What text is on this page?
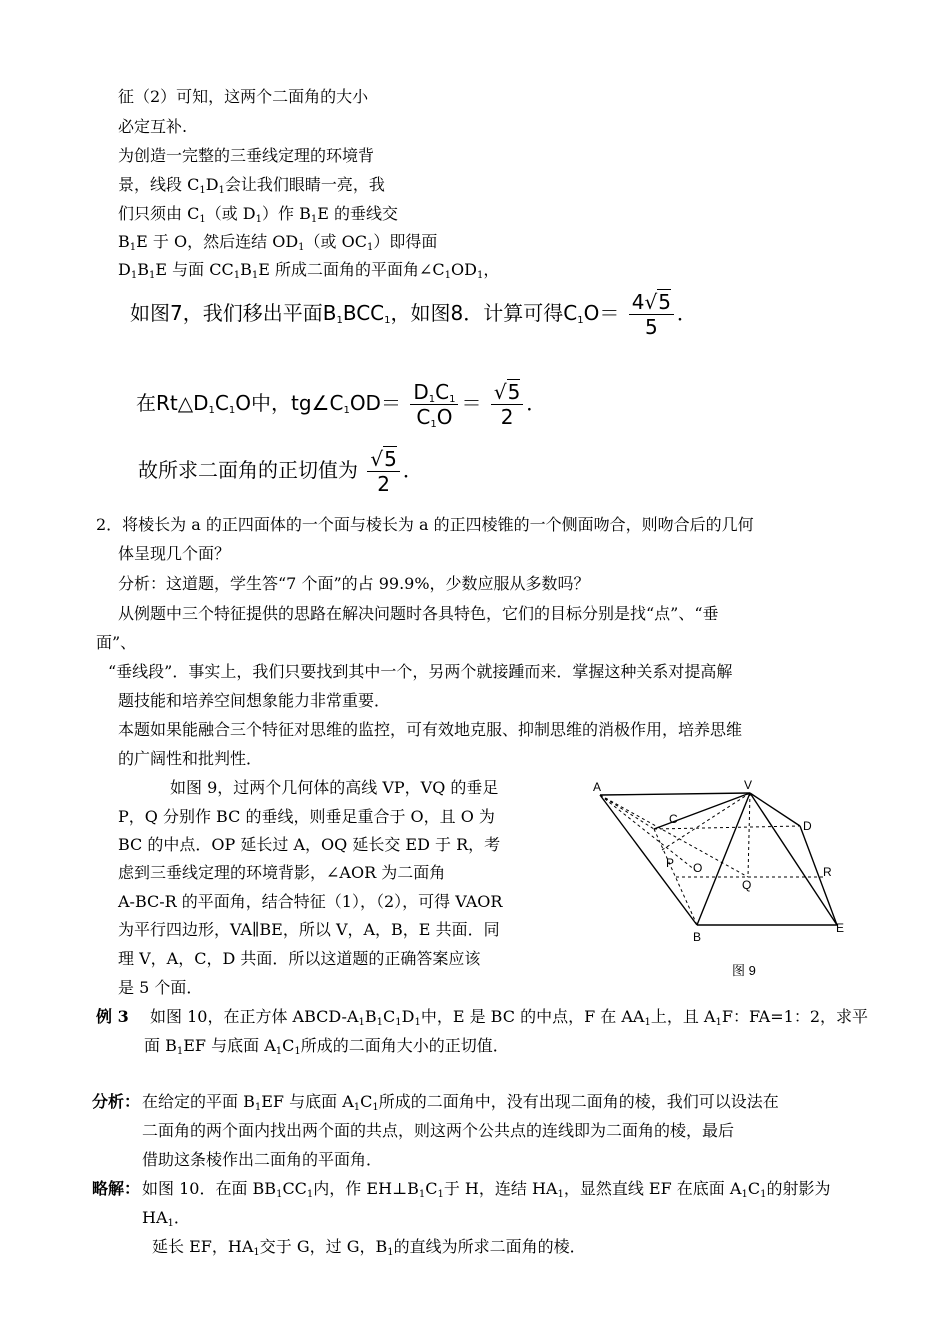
征（2）可知，这两个二面角的大小
必定互补.
为创造一完整的三垂线定理的环境背
景，线段 $C_1D_1$会让我们眼睛一亮，我
们只须由 $C_1$（或 $D_1$）作 $B_1E$ 的垂线交
$B_1E$ 于 O，然后连结 $OD_1$（或 $OC_1$）即得面
$D_1B_1E$ 与面 $CC_1B_1E$ 所成二面角的平面角$\angle C_1OD_1$，
如图7，我们移出平面$B_1BCC_1$，如图8．计算可得$C_1O= \frac{4√5}{5}$ ．
在$Rt\triangle D_1C_1O$中，$tg\angle C_1OD= \frac{D_1C_1}{C_1O} = \frac{√5}{2}$ ．
故所求二面角的正切值为 $\frac{√5}{2}$ ．
2．将棱长为 a 的正四面体的一个面与棱长为 a 的正四棱锥的一个侧面吻合，则吻合后的几何
体呈现几个面？
分析：这道题，学生答“7 个面”的占 99.9%，少数应服从多数吗？
从例题中三个特征提供的思路在解决问题时各具特色，它们的目标分别是找“点”、“垂
面”、
“垂线段”．事实上，我们只要找到其中一个，另两个就接踵而来．掌握这种关系对提高解
题技能和培养空间想象能力非常重要．
本题如果能融合三个特征对思维的监控，可有效地克服、抑制思维的消极作用，培养思维
的广阔性和批判性．
如图 9，过两个几何体的高线 VP，VQ 的垂足
P，Q 分别作 BC 的垂线，则垂足重合于 O，且 O 为
BC 的中点．OP 延长过 A，OQ 延长交 ED 于 R，考
虑到三垂线定理的环境背影，∠AOR 为二面角
A-BC-R 的平面角，结合特征（1），（2），可得 VAOR
为平行四边形，VA∥BE，所以 V，A，B，E 共面．同
理 V，A，C，D 共面．所以这道题的正确答案应该
是 5 个面．
A	V
C	D
P O
Q
R
B
E
图 9
例 3 如图 10，在正方体 ABCD-$A_1B_1C_1D_1$中，E 是 BC 的中点，F 在 $AA_1$上，且 $A_1F$：FA=1：2，求平
面 $B_1EF$ 与底面 $A_1C_1$所成的二面角大小的正切值．
分析： 在给定的平面 $B_1EF$ 与底面 $A_1C_1$所成的二面角中，没有出现二面角的棱，我们可以设法在
二面角的两个面内找出两个面的共点，则这两个公共点的连线即为二面角的棱，最后
借助这条棱作出二面角的平面角．
略解： 如图 10．在面 $BB_1CC_1$内，作 $EH\perp B_1C_1$于 H，连结 $HA_1$，显然直线 EF 在底面 $A_1C_1$的射影为
$HA_1$．
延长 EF，$HA_1$交于 G，过 G，$B_1$的直线为所求二面角的棱．
